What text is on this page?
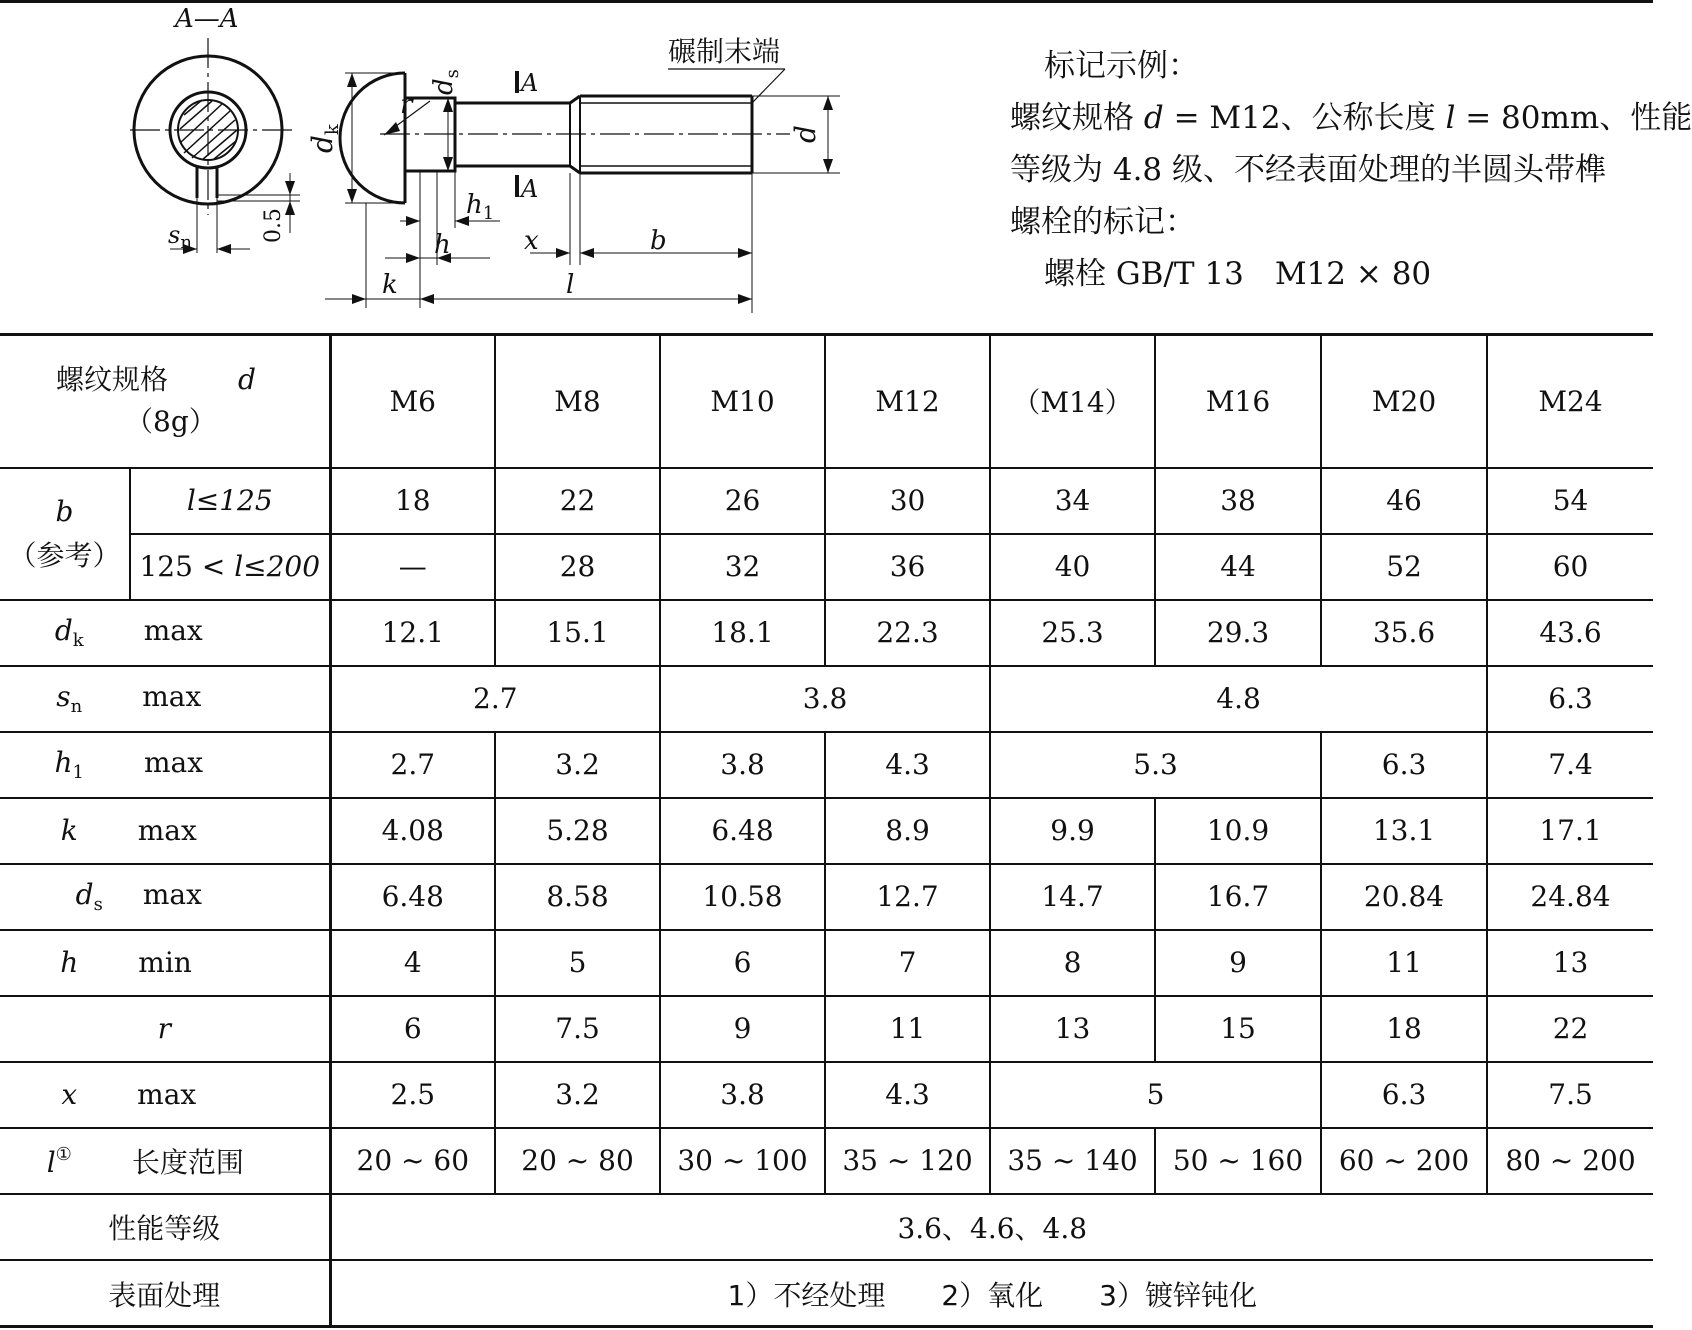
A—A
碾制末端
A
A
r
$d_k$
$d_s$
d
0.5
$s_n$
$h_1$
h	x	b
k	l
标记示例：
螺纹规格 d = M12、公称长度 l = 80mm、性能
等级为 4.8 级、不经表面处理的半圆头带榫
螺栓的标记：
螺栓 GB/T 13　M12 × 80
螺纹规格 d
（8g）		M6	M8	M10	M12	（M14）	M16	M20	M24

b
（参考）	l≤125	18	22	26	30	34	38	46	54
	125 < l≤200	—	28	32	36	40	44	52	60
$d_k$ max		12.1	15.1	18.1	22.3	25.3	29.3	35.6	43.6
$s_n$ max		2.7		3.8		4.8			6.3
$h_1$ max		2.7	3.2	3.8	4.3	5.3		6.3	7.4
k max		4.08	5.28	6.48	8.9	9.9	10.9	13.1	17.1
$d_s$ max		6.48	8.58	10.58	12.7	14.7	16.7	20.84	24.84
h min		4	5	6	7	8	9	11	13
r		6	7.5	9	11	13	15	18	22
x max		2.5	3.2	3.8	4.3	5		6.3	7.5
l① 长度范围		20 ~ 60	20 ~ 80	30 ~ 100	35 ~ 120	35 ~ 140	50 ~ 160	60 ~ 200	80 ~ 200
性能等级		3.6、4.6、4.8							
表面处理		1）不经处理　　2）氧化　　3）镀锌钝化							
